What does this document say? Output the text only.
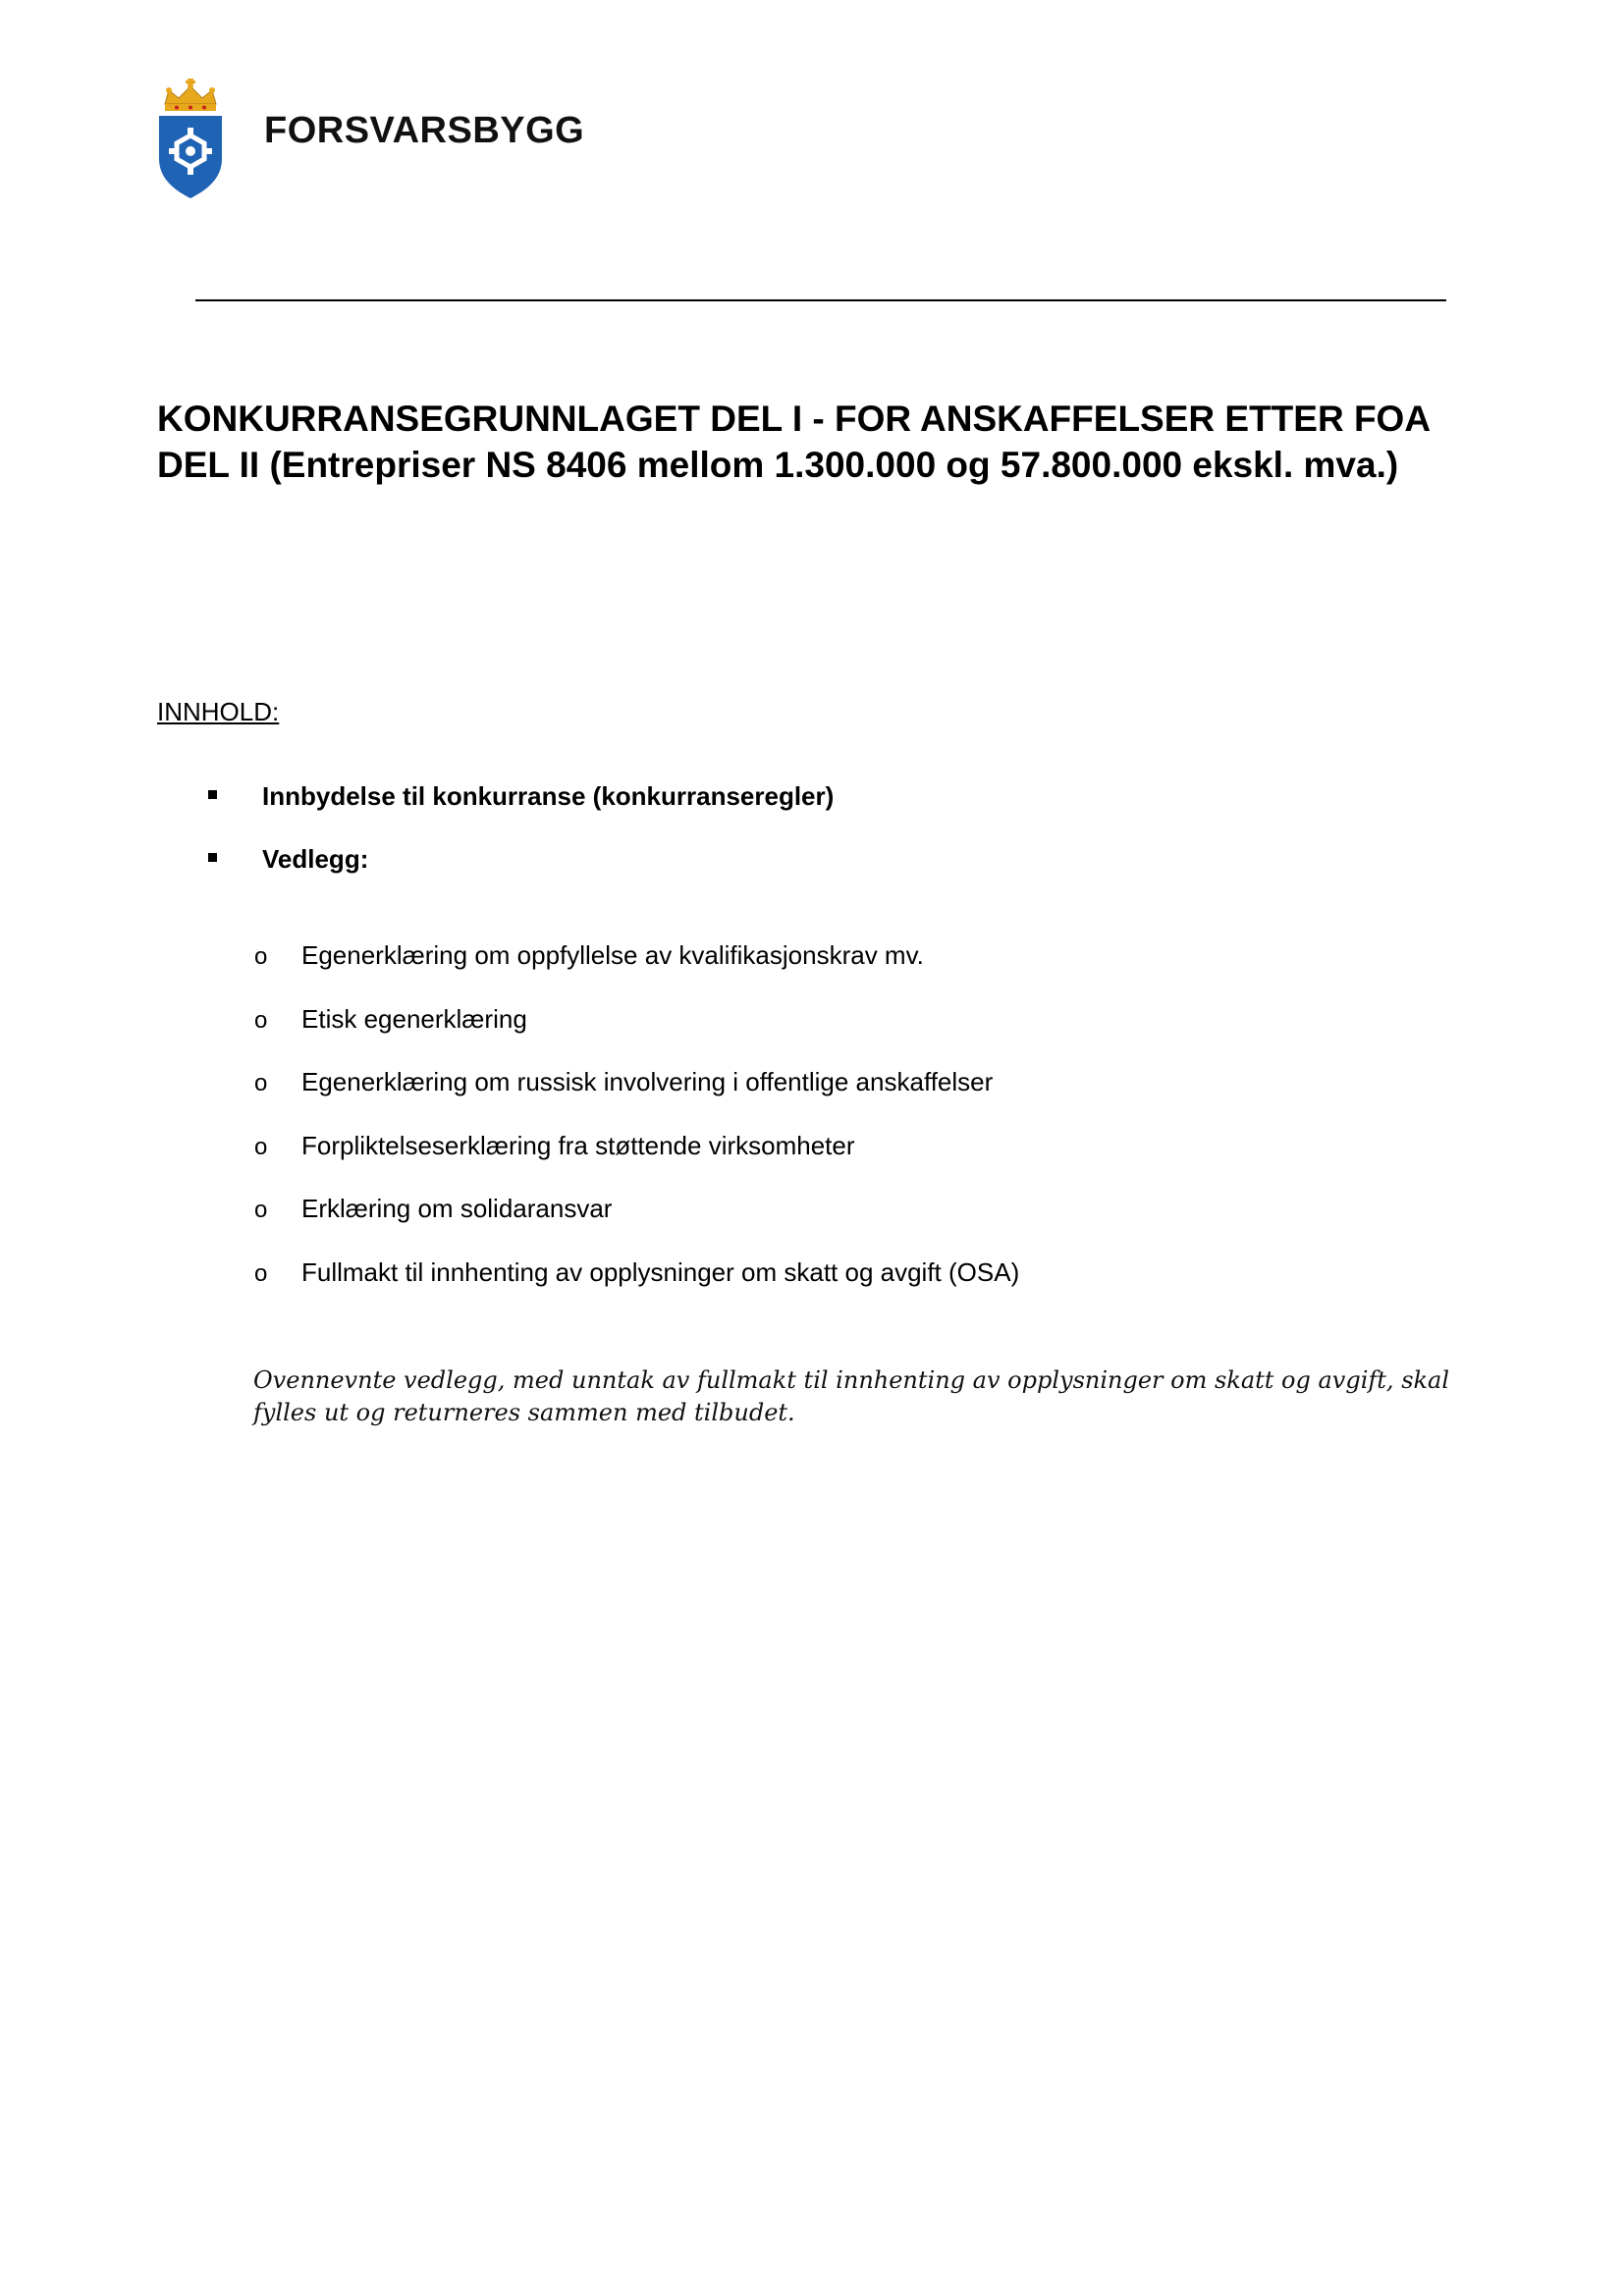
FORSVARSBYGG
KONKURRANSEGRUNNLAGET DEL I - FOR ANSKAFFELSER ETTER FOA DEL II (Entrepriser NS 8406 mellom 1.300.000 og 57.800.000 ekskl. mva.)

INNHOLD:

Innbydelse til konkurranse (konkurranseregler)
Vedlegg:
o	Egenerklæring om oppfyllelse av kvalifikasjonskrav mv.
o	Etisk egenerklæring
o	Egenerklæring om russisk involvering i offentlige anskaffelser
o	Forpliktelseserklæring fra støttende virksomheter
o	Erklæring om solidaransvar
o	Fullmakt til innhenting av opplysninger om skatt og avgift (OSA)

Ovennevnte vedlegg, med unntak av fullmakt til innhenting av opplysninger om skatt og avgift, skal fylles ut og returneres sammen med tilbudet.
